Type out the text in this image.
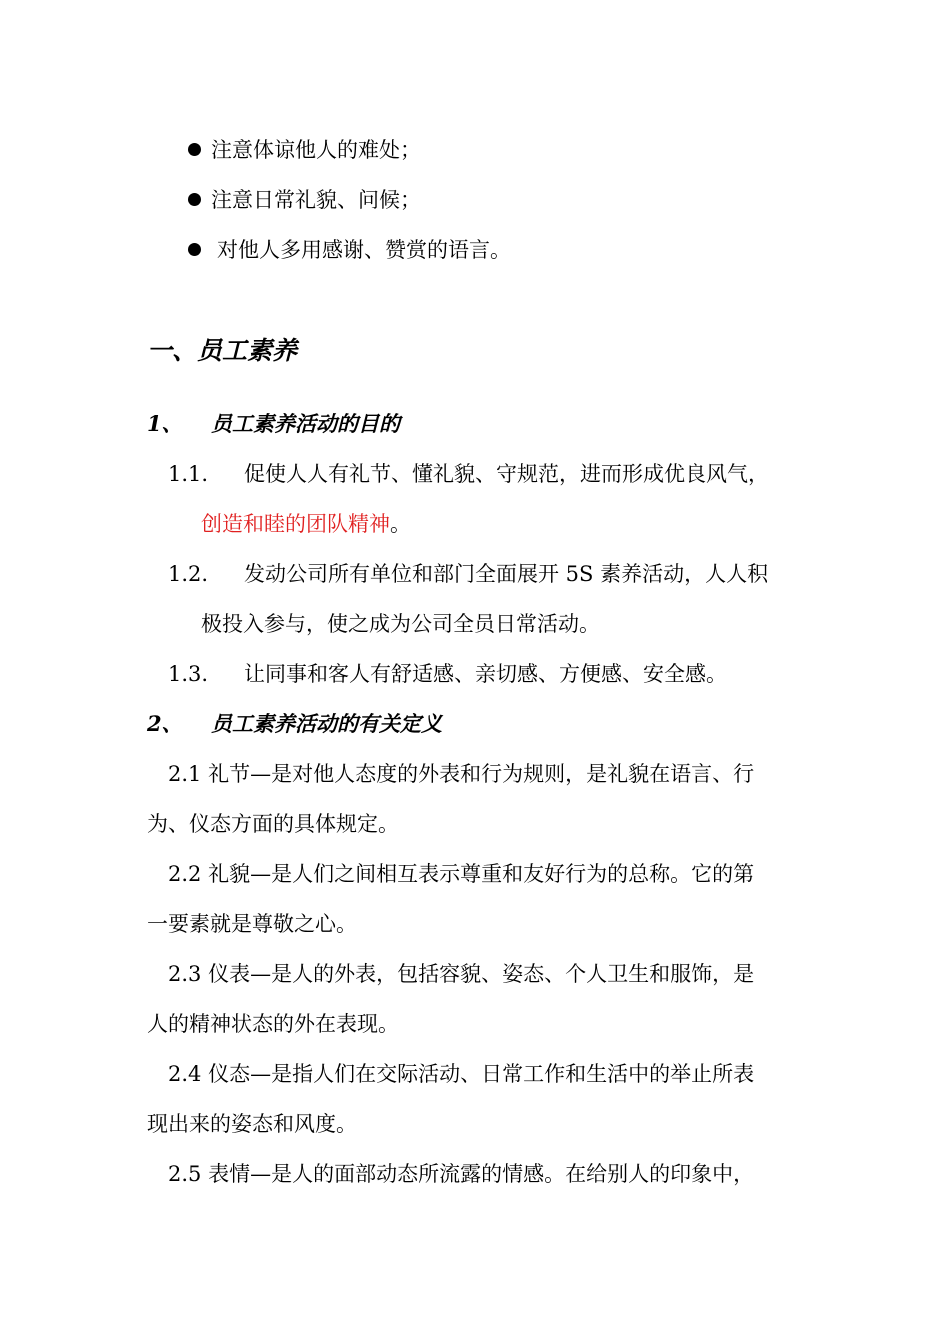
注意体谅他人的难处；
注意日常礼貌、问候；
对他人多用感谢、赞赏的语言。
一、员工素养
1、 员工素养活动的目的
1.1. 促使人人有礼节、懂礼貌、守规范，进而形成优良风气，
创造和睦的团队精神。
1.2. 发动公司所有单位和部门全面展开 5S 素养活动，人人积
极投入参与，使之成为公司全员日常活动。
1.3. 让同事和客人有舒适感、亲切感、方便感、安全感。
2、 员工素养活动的有关定义
2.1 礼节—是对他人态度的外表和行为规则，是礼貌在语言、行
为、仪态方面的具体规定。
2.2 礼貌—是人们之间相互表示尊重和友好行为的总称。它的第
一要素就是尊敬之心。
2.3 仪表—是人的外表，包括容貌、姿态、个人卫生和服饰，是
人的精神状态的外在表现。
2.4 仪态—是指人们在交际活动、日常工作和生活中的举止所表
现出来的姿态和风度。
2.5 表情—是人的面部动态所流露的情感。在给别人的印象中，
